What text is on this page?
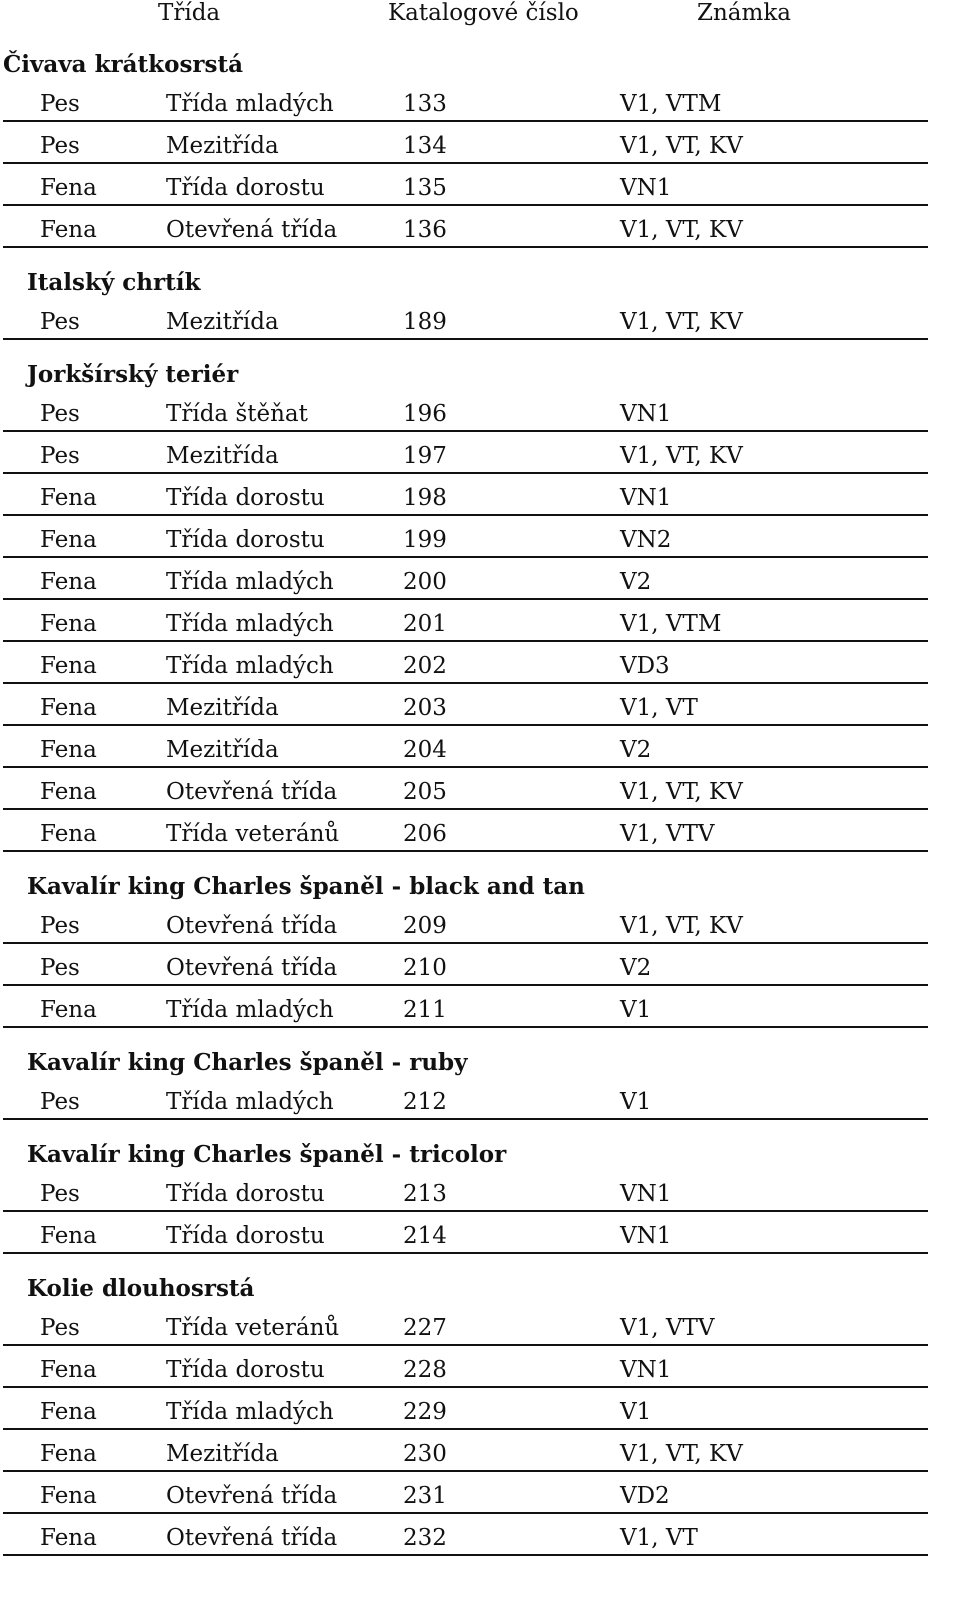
Třída	Katalogové číslo	Známka
Čivava krátkosrstá
Pes	Třída mladých	133	V1, VTM
Pes	Mezitřída	134	V1, VT, KV
Fena	Třída dorostu	135	VN1
Fena	Otevřená třída	136	V1, VT, KV
Italský chrtík
Pes	Mezitřída	189	V1, VT, KV
Jorkšírský teriér
Pes	Třída štěňat	196	VN1
Pes	Mezitřída	197	V1, VT, KV
Fena	Třída dorostu	198	VN1
Fena	Třída dorostu	199	VN2
Fena	Třída mladých	200	V2
Fena	Třída mladých	201	V1, VTM
Fena	Třída mladých	202	VD3
Fena	Mezitřída	203	V1, VT
Fena	Mezitřída	204	V2
Fena	Otevřená třída	205	V1, VT, KV
Fena	Třída veteránů	206	V1, VTV
Kavalír king Charles španěl - black and tan
Pes	Otevřená třída	209	V1, VT, KV
Pes	Otevřená třída	210	V2
Fena	Třída mladých	211	V1
Kavalír king Charles španěl - ruby
Pes	Třída mladých	212	V1
Kavalír king Charles španěl - tricolor
Pes	Třída dorostu	213	VN1
Fena	Třída dorostu	214	VN1
Kolie dlouhosrstá
Pes	Třída veteránů	227	V1, VTV
Fena	Třída dorostu	228	VN1
Fena	Třída mladých	229	V1
Fena	Mezitřída	230	V1, VT, KV
Fena	Otevřená třída	231	VD2
Fena	Otevřená třída	232	V1, VT
